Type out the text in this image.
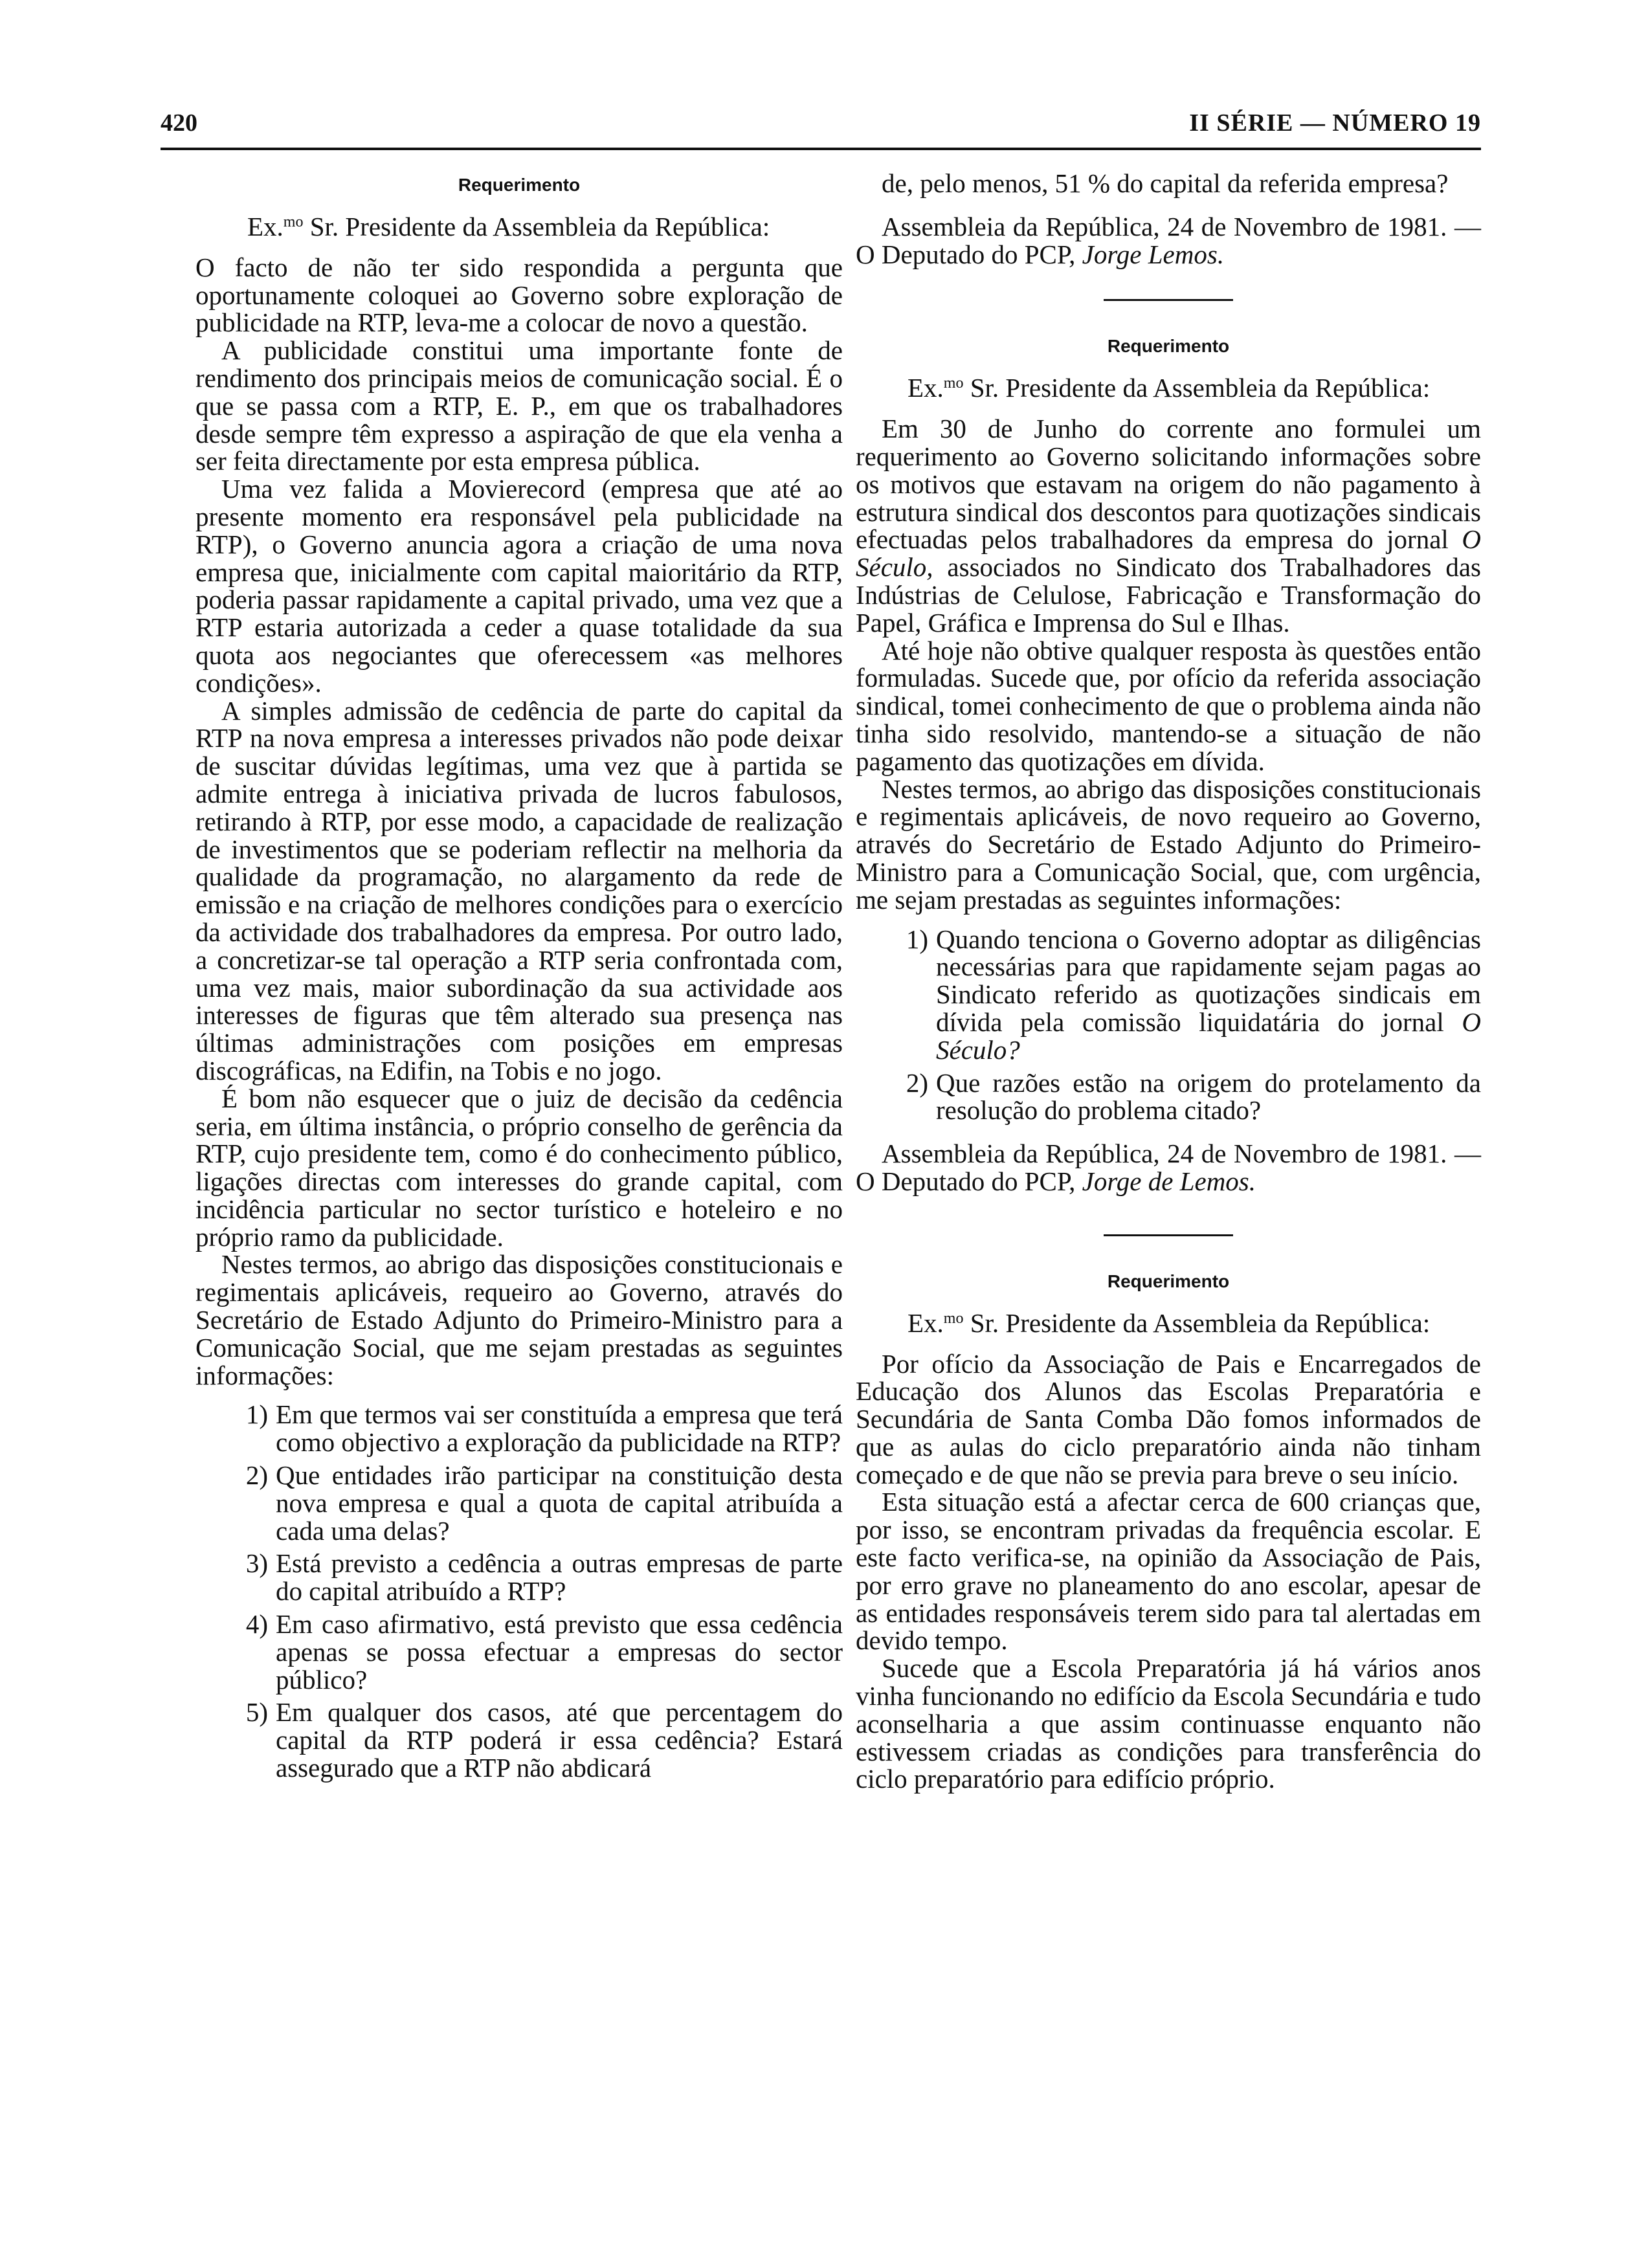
420	II SÉRIE — NÚMERO 19

Requerimento

Ex.$^{mo}$ Sr. Presidente da Assembleia da República:

O facto de não ter sido respondida a pergunta que oportunamente coloquei ao Governo sobre exploração de publicidade na RTP, leva-me a colocar de novo a questão.

A publicidade constitui uma importante fonte de rendimento dos principais meios de comunicação social. É o que se passa com a RTP, E. P., em que os trabalhadores desde sempre têm expresso a aspiração de que ela venha a ser feita directamente por esta empresa pública.

Uma vez falida a Movierecord (empresa que até ao presente momento era responsável pela publicidade na RTP), o Governo anuncia agora a criação de uma nova empresa que, inicialmente com capital maioritário da RTP, poderia passar rapidamente a capital privado, uma vez que a RTP estaria autorizada a ceder a quase totalidade da sua quota aos negociantes que oferecessem «as melhores condições».

A simples admissão de cedência de parte do capital da RTP na nova empresa a interesses privados não pode deixar de suscitar dúvidas legítimas, uma vez que à partida se admite entrega à iniciativa privada de lucros fabulosos, retirando à RTP, por esse modo, a capacidade de realização de investimentos que se poderiam reflectir na melhoria da qualidade da programação, no alargamento da rede de emissão e na criação de melhores condições para o exercício da actividade dos trabalhadores da empresa. Por outro lado, a concretizar-se tal operação a RTP seria confrontada com, uma vez mais, maior subordinação da sua actividade aos interesses de figuras que têm alterado sua presença nas últimas administrações com posições em empresas discográficas, na Edifin, na Tobis e no jogo.

É bom não esquecer que o juiz de decisão da cedência seria, em última instância, o próprio conselho de gerência da RTP, cujo presidente tem, como é do conhecimento público, ligações directas com interesses do grande capital, com incidência particular no sector turístico e hoteleiro e no próprio ramo da publicidade.

Nestes termos, ao abrigo das disposições constitucionais e regimentais aplicáveis, requeiro ao Governo, através do Secretário de Estado Adjunto do Primeiro-Ministro para a Comunicação Social, que me sejam prestadas as seguintes informações:

1) Em que termos vai ser constituída a empresa que terá como objectivo a exploração da publicidade na RTP?
2) Que entidades irão participar na constituição desta nova empresa e qual a quota de capital atribuída a cada uma delas?
3) Está previsto a cedência a outras empresas de parte do capital atribuído a RTP?
4) Em caso afirmativo, está previsto que essa cedência apenas se possa efectuar a empresas do sector público?
5) Em qualquer dos casos, até que percentagem do capital da RTP poderá ir essa cedência? Estará assegurado que a RTP não abdicará

de, pelo menos, 51 % do capital da referida empresa?

Assembleia da República, 24 de Novembro de 1981. — O Deputado do PCP, Jorge Lemos.

Requerimento

Ex.$^{mo}$ Sr. Presidente da Assembleia da República:

Em 30 de Junho do corrente ano formulei um requerimento ao Governo solicitando informações sobre os motivos que estavam na origem do não pagamento à estrutura sindical dos descontos para quotizações sindicais efectuadas pelos trabalhadores da empresa do jornal O Século, associados no Sindicato dos Trabalhadores das Indústrias de Celulose, Fabricação e Transformação do Papel, Gráfica e Imprensa do Sul e Ilhas.

Até hoje não obtive qualquer resposta às questões então formuladas. Sucede que, por ofício da referida associação sindical, tomei conhecimento de que o problema ainda não tinha sido resolvido, mantendo-se a situação de não pagamento das quotizações em dívida.

Nestes termos, ao abrigo das disposições constitucionais e regimentais aplicáveis, de novo requeiro ao Governo, através do Secretário de Estado Adjunto do Primeiro-Ministro para a Comunicação Social, que, com urgência, me sejam prestadas as seguintes informações:

1) Quando tenciona o Governo adoptar as diligências necessárias para que rapidamente sejam pagas ao Sindicato referido as quotizações sindicais em dívida pela comissão liquidatária do jornal O Século?
2) Que razões estão na origem do protelamento da resolução do problema citado?

Assembleia da República, 24 de Novembro de 1981. — O Deputado do PCP, Jorge de Lemos.

Requerimento

Ex.$^{mo}$ Sr. Presidente da Assembleia da República:

Por ofício da Associação de Pais e Encarregados de Educação dos Alunos das Escolas Preparatória e Secundária de Santa Comba Dão fomos informados de que as aulas do ciclo preparatório ainda não tinham começado e de que não se previa para breve o seu início.

Esta situação está a afectar cerca de 600 crianças que, por isso, se encontram privadas da frequência escolar. E este facto verifica-se, na opinião da Associação de Pais, por erro grave no planeamento do ano escolar, apesar de as entidades responsáveis terem sido para tal alertadas em devido tempo.

Sucede que a Escola Preparatória já há vários anos vinha funcionando no edifício da Escola Secundária e tudo aconselharia a que assim continuasse enquanto não estivessem criadas as condições para transferência do ciclo preparatório para edifício próprio.
